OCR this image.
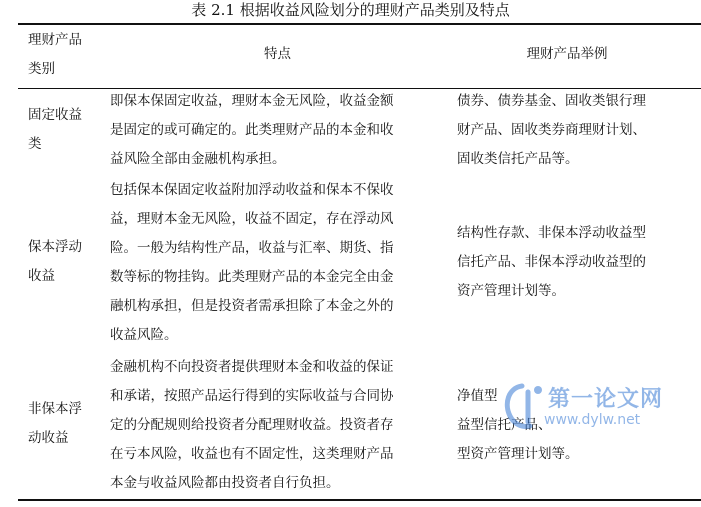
表 2.1 根据收益风险划分的理财产品类别及特点
理财产品
类别
特点	理财产品举例
固定收益
类
即保本保固定收益，理财本金无风险，收益金额
是固定的或可确定的。此类理财产品的本金和收
益风险全部由金融机构承担。
债券、债券基金、固收类银行理
财产品、固收类券商理财计划、
固收类信托产品等。
保本浮动
收益
包括保本保固定收益附加浮动收益和保本不保收
益，理财本金无风险，收益不固定，存在浮动风
险。一般为结构性产品，收益与汇率、期货、指
数等标的物挂钩。此类理财产品的本金完全由金
融机构承担，但是投资者需承担除了本金之外的
收益风险。
结构性存款、非保本浮动收益型
信托产品、非保本浮动收益型的
资产管理计划等。
非保本浮
动收益
金融机构不向投资者提供理财本金和收益的保证
和承诺，按照产品运行得到的实际收益与合同协
定的分配规则给投资者分配理财收益。投资者存
在亏本风险，收益也有不固定性，这类理财产品
本金与收益风险都由投资者自行负担。
净值型
益型信托产品、
型资产管理计划等。
第一论文网
www.dylw.net
